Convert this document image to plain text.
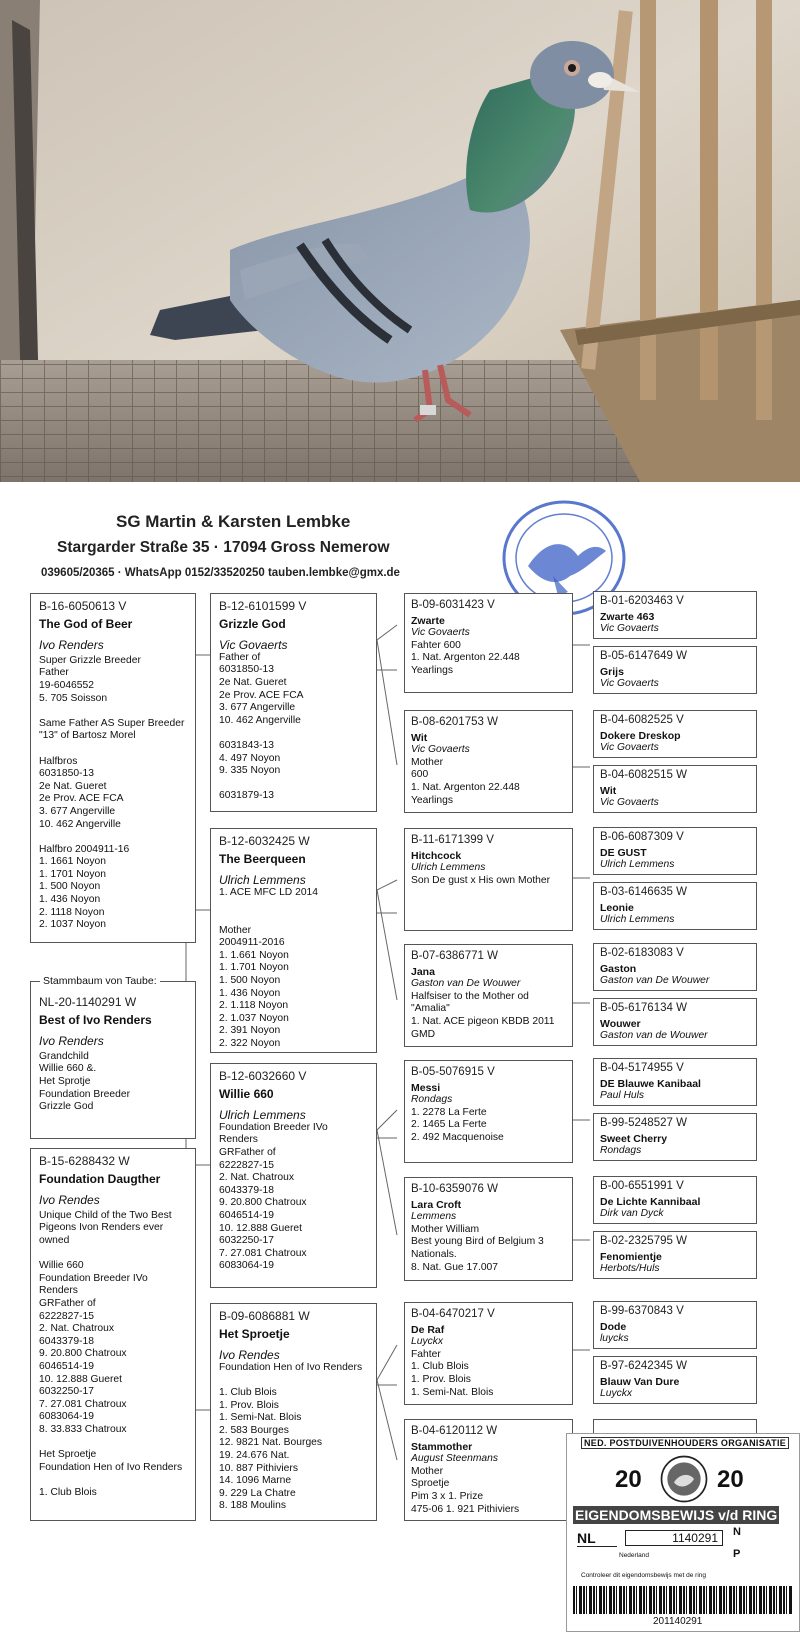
SG Martin & Karsten Lembke
Stargarder Straße 35 · 17094 Gross Nemerow
039605/20365 · WhatsApp 0152/33520250 tauben.lembke@gmx.de
B-16-6050613 V
The God of Beer
Ivo Renders
Super Grizzle Breeder
Father
19-6046552
5. 705 Soisson

Same Father AS Super Breeder
"13" of Bartosz Morel

Halfbros
6031850-13
2e Nat. Gueret
2e Prov. ACE FCA
3. 677 Angerville
10. 462 Angerville

Halfbro 2004911-16
1. 1661 Noyon
1. 1701 Noyon
1. 500 Noyon
1. 436 Noyon
2. 1118 Noyon
2. 1037 Noyon
NL-20-1140291 W
Best of Ivo Renders
Ivo Renders
Grandchild
Willie 660 &.
Het Sprotje
Foundation Breeder
Grizzle God
Stammbaum von Taube:
B-15-6288432 W
Foundation Daugther
Ivo Rendes
Unique Child of the Two Best
Pigeons Ivon Renders ever
owned

Willie 660
Foundation Breeder IVo
Renders
GRFather of
6222827-15
2. Nat. Chatroux
6043379-18
9. 20.800 Chatroux
6046514-19
10. 12.888 Gueret
6032250-17
7. 27.081 Chatroux
6083064-19
8. 33.833 Chatroux

Het Sproetje
Foundation Hen of Ivo Renders

1. Club Blois
B-12-6101599 V
Grizzle God
Vic Govaerts
Father of
6031850-13
2e Nat. Gueret
2e Prov. ACE FCA
3. 677 Angerville
10. 462 Angerville

6031843-13
4. 497 Noyon
9. 335 Noyon

6031879-13
B-12-6032425 W
The Beerqueen
Ulrich Lemmens
1. ACE MFC LD 2014

Mother
2004911-2016
1. 1.661 Noyon
1. 1.701 Noyon
1. 500 Noyon
1. 436 Noyon
2. 1.118 Noyon
2. 1.037 Noyon
2. 391 Noyon
2. 322 Noyon
B-12-6032660 V
Willie 660
Ulrich Lemmens
Foundation Breeder IVo
Renders
GRFather of
6222827-15
2. Nat. Chatroux
6043379-18
9. 20.800 Chatroux
6046514-19
10. 12.888 Gueret
6032250-17
7. 27.081 Chatroux
6083064-19
B-09-6086881 W
Het Sproetje
Ivo Rendes
Foundation Hen of Ivo Renders

1. Club Blois
1. Prov. Blois
1. Semi-Nat. Blois
2. 583 Bourges
12. 9821 Nat. Bourges
19. 24.676 Nat.
10. 887 Pithiviers
14. 1096 Marne
9. 229 La Chatre
8. 188 Moulins
B-09-6031423 V
Zwarte
Vic Govaerts
Fahter 600
1. Nat. Argenton 22.448
Yearlings
B-08-6201753 W
Wit
Vic Govaerts
Mother
600
1. Nat. Argenton 22.448
Yearlings
B-11-6171399 V
Hitchcock
Ulrich Lemmens
Son De gust x His own Mother
B-07-6386771 W
Jana
Gaston van De Wouwer
Halfsiser to the Mother od
"Amalia"
1. Nat. ACE pigeon KBDB 2011
GMD
B-05-5076915 V
Messi
Rondags
1. 2278 La Ferte
2. 1465 La Ferte
2. 492 Macquenoise
B-10-6359076 W
Lara Croft
Lemmens
Mother William
Best young Bird of Belgium 3
Nationals.
8. Nat. Gue 17.007
B-04-6470217 V
De Raf
Luyckx
Fahter
1. Club Blois
1. Prov. Blois
1. Semi-Nat. Blois
B-04-6120112 W
Stammother
August Steenmans
Mother
Sproetje
Pim 3 x 1. Prize
475-06 1. 921 Pithiviers
B-01-6203463 V
Zwarte 463
Vic Govaerts
B-05-6147649 W
Grijs
Vic Govaerts
B-04-6082525 V
Dokere Dreskop
Vic Govaerts
B-04-6082515 W
Wit
Vic Govaerts
B-06-6087309 V
DE GUST
Ulrich Lemmens
B-03-6146635 W
Leonie
Ulrich Lemmens
B-02-6183083 V
Gaston
Gaston van De Wouwer
B-05-6176134 W
Wouwer
Gaston van de Wouwer
B-04-5174955 V
DE Blauwe Kanibaal
Paul Huls
B-99-5248527 W
Sweet Cherry
Rondags
B-00-6551991 V
De Lichte Kannibaal
Dirk van Dyck
B-02-2325795 W
Fenomientje
Herbots/Huls
B-99-6370843 V
Dode
luycks
B-97-6242345 W
Blauw Van Dure
Luyckx
NED. POSTDUIVENHOUDERS ORGANISATIE
20	20
EIGENDOMSBEWIJS v/d RING
NL	1140291	N
P
Nederland
Controleer dit eigendomsbewijs met de ring
201140291
